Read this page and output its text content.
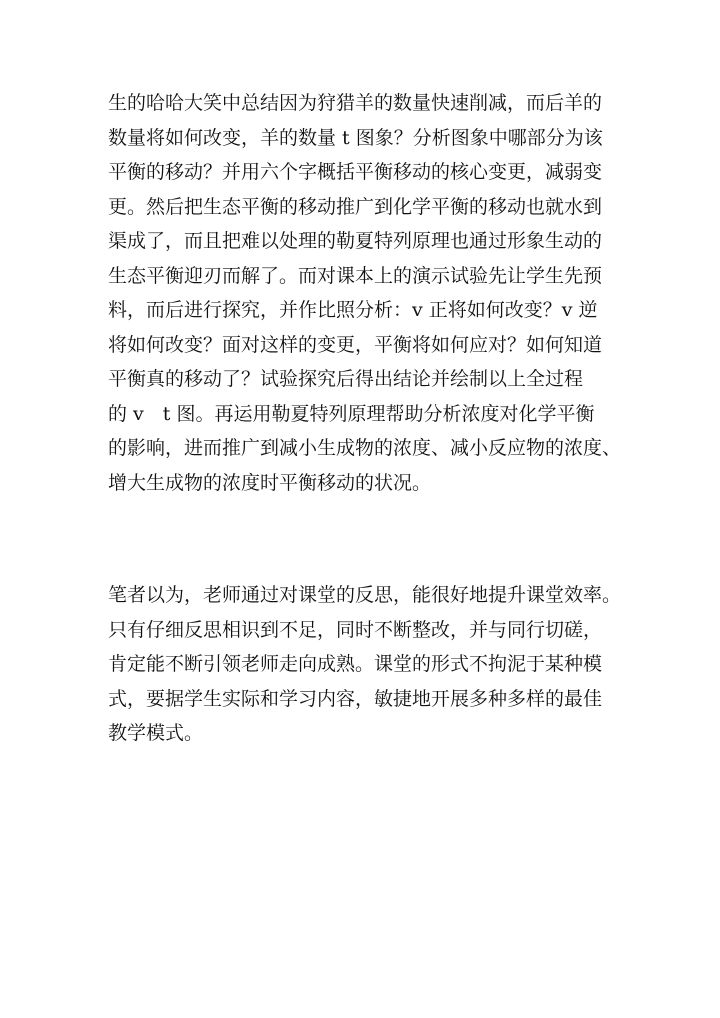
生的哈哈大笑中总结因为狩猎羊的数量快速削减，而后羊的
数量将如何改变，羊的数量 t 图象？分析图象中哪部分为该
平衡的移动？并用六个字概括平衡移动的核心变更，减弱变
更。然后把生态平衡的移动推广到化学平衡的移动也就水到
渠成了，而且把难以处理的勒夏特列原理也通过形象生动的
生态平衡迎刃而解了。而对课本上的演示试验先让学生先预
料，而后进行探究，并作比照分析：v 正将如何改变？v 逆
将如何改变？面对这样的变更，平衡将如何应对？如何知道
平衡真的移动了？试验探究后得出结论并绘制以上全过程
的 v　t 图。再运用勒夏特列原理帮助分析浓度对化学平衡
的影响，进而推广到减小生成物的浓度、减小反应物的浓度、
增大生成物的浓度时平衡移动的状况。
笔者以为，老师通过对课堂的反思，能很好地提升课堂效率。
只有仔细反思相识到不足，同时不断整改，并与同行切磋，
肯定能不断引领老师走向成熟。课堂的形式不拘泥于某种模
式，要据学生实际和学习内容，敏捷地开展多种多样的最佳
教学模式。
